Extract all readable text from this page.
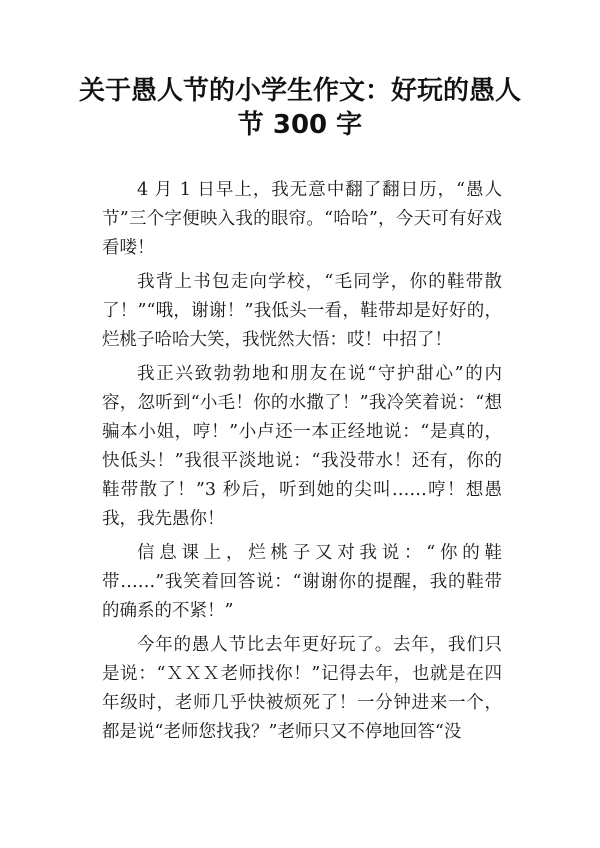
关于愚人节的小学生作文：好玩的愚人节 300 字

4 月 1 日早上，我无意中翻了翻日历，“愚人节”三个字便映入我的眼帘。“哈哈”，今天可有好戏看喽！

我背上书包走向学校，“毛同学，你的鞋带散了！”“哦，谢谢！”我低头一看，鞋带却是好好的，烂桃子哈哈大笑，我恍然大悟：哎！中招了！

我正兴致勃勃地和朋友在说“守护甜心”的内容，忽听到“小毛！你的水撒了！”我冷笑着说：“想骗本小姐，哼！”小卢还一本正经地说：“是真的，快低头！”我很平淡地说：“我没带水！还有，你的鞋带散了！”3 秒后，听到她的尖叫……哼！想愚我，我先愚你！

信息课上，烂桃子又对我说：“你的鞋带……”我笑着回答说：“谢谢你的提醒，我的鞋带的确系的不紧！”

今年的愚人节比去年更好玩了。去年，我们只是说：“ＸＸＸ老师找你！”记得去年，也就是在四年级时，老师几乎快被烦死了！一分钟进来一个，都是说“老师您找我？”老师只又不停地回答“没
